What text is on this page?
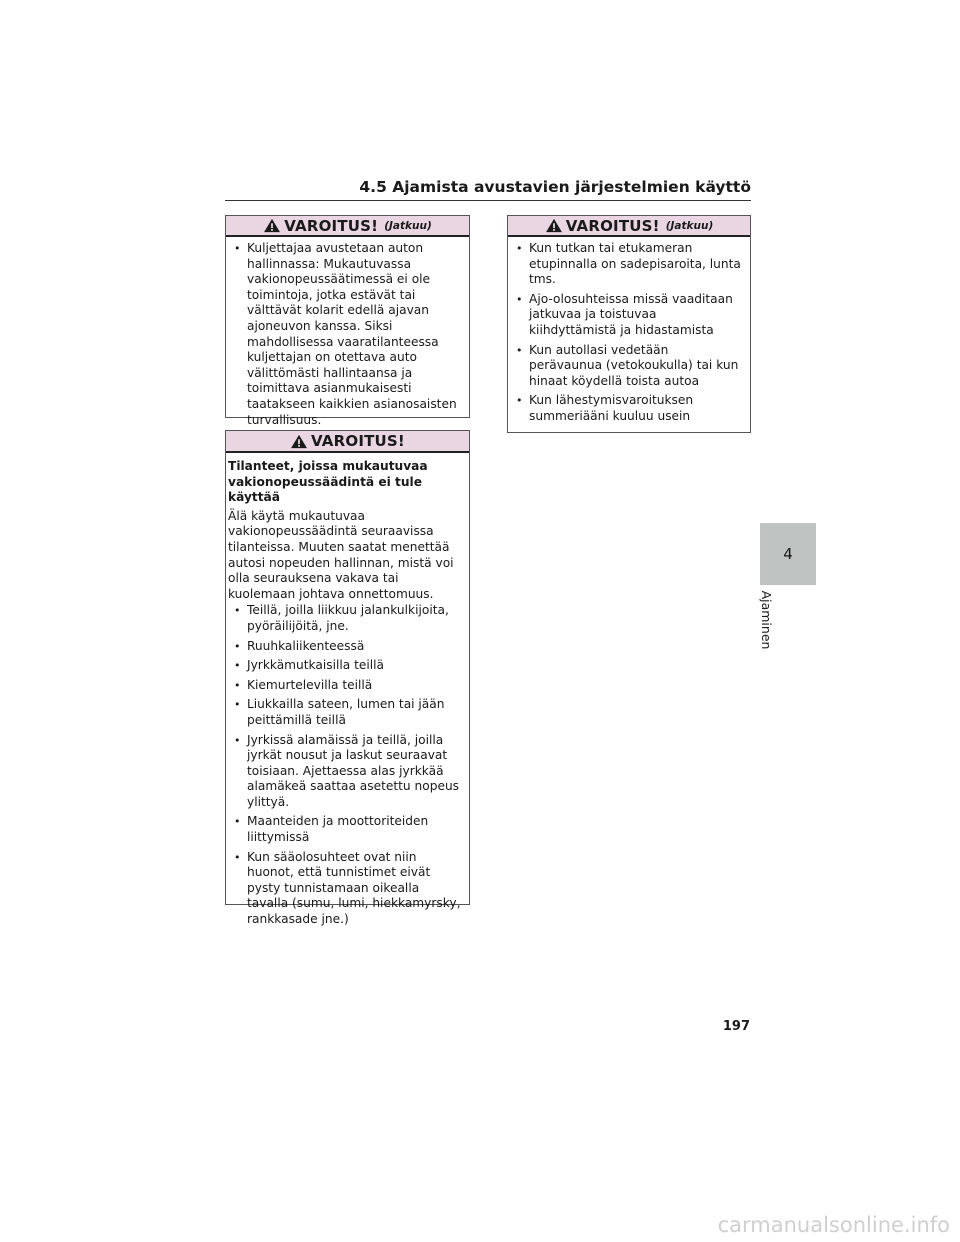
4.5 Ajamista avustavien järjestelmien käyttö
VAROITUS! (Jatkuu)
• Kuljettajaa avustetaan auton hallinnassa: Mukautuvassa vakionopeussäätimessä ei ole toimintoja, jotka estävät tai välttävät kolarit edellä ajavan ajoneuvon kanssa. Siksi mahdollisessa vaaratilanteessa kuljettajan on otettava auto välittömästi hallintaansa ja toimittava asianmukaisesti taatakseen kaikkien asianosaisten turvallisuus.
VAROITUS!
Tilanteet, joissa mukautuvaa vakionopeussäädintä ei tule käyttää
Älä käytä mukautuvaa vakionopeussäädintä seuraavissa tilanteissa. Muuten saatat menettää autosi nopeuden hallinnan, mistä voi olla seurauksena vakava tai kuolemaan johtava onnettomuus.
• Teillä, joilla liikkuu jalankulkijoita, pyöräilijöitä, jne.
• Ruuhkaliikenteessä
• Jyrkkämutkaisilla teillä
• Kiemurtelevilla teillä
• Liukkailla sateen, lumen tai jään peittämillä teillä
• Jyrkissä alamäissä ja teillä, joilla jyrkät nousut ja laskut seuraavat toisiaan. Ajettaessa alas jyrkkää alamäkeä saattaa asetettu nopeus ylittyä.
• Maanteiden ja moottoriteiden liittymissä
• Kun sääolosuhteet ovat niin huonot, että tunnistimet eivät pysty tunnistamaan oikealla tavalla (sumu, lumi, hiekkamyrsky, rankkasade jne.)
VAROITUS! (Jatkuu)
• Kun tutkan tai etukameran etupinnalla on sadepisaroita, lunta tms.
• Ajo-olosuhteissa missä vaaditaan jatkuvaa ja toistuvaa kiihdyttämistä ja hidastamista
• Kun autollasi vedetään perävaunua (vetokoukulla) tai kun hinaat köydellä toista autoa
• Kun lähestymisvaroituksen summeriääni kuuluu usein
4
Ajaminen
197
carmanualsonline.info
